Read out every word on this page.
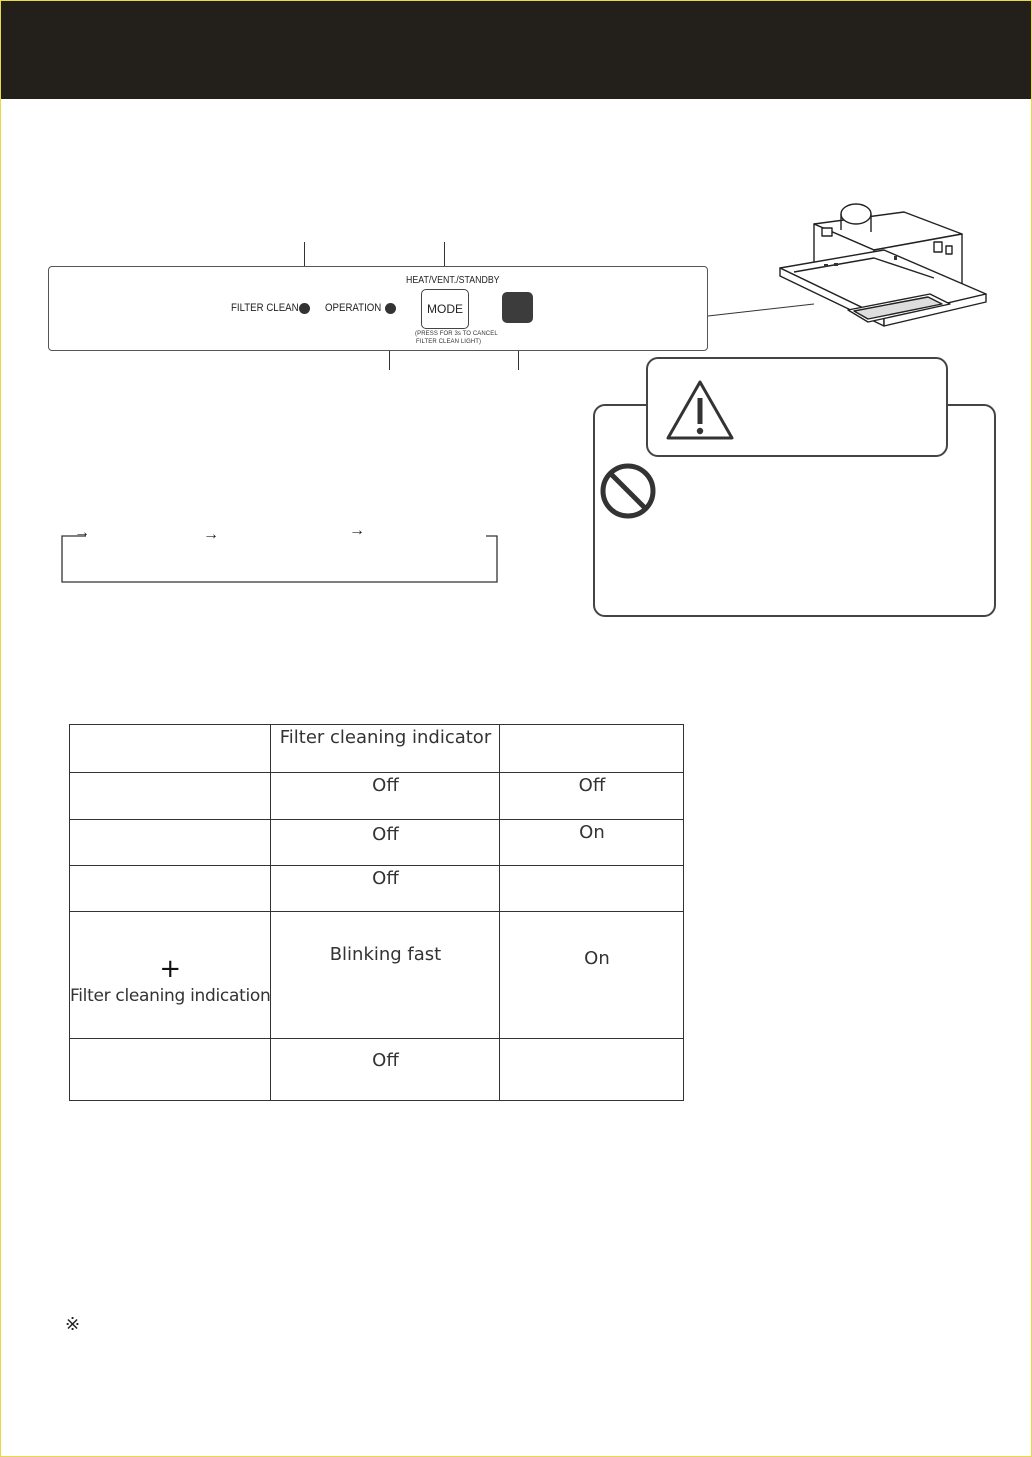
FILTER CLEAN OPERATION
HEAT/VENT./STANDBY
MODE
(PRESS FOR 3s TO CANCEL
FILTER CLEAN LIGHT)
→	→	→

	Filter cleaning indicator	

	Off	Off

	Off	On

	Off	

+
Filter cleaning indication	Blinking fast	On

	Off	

※
